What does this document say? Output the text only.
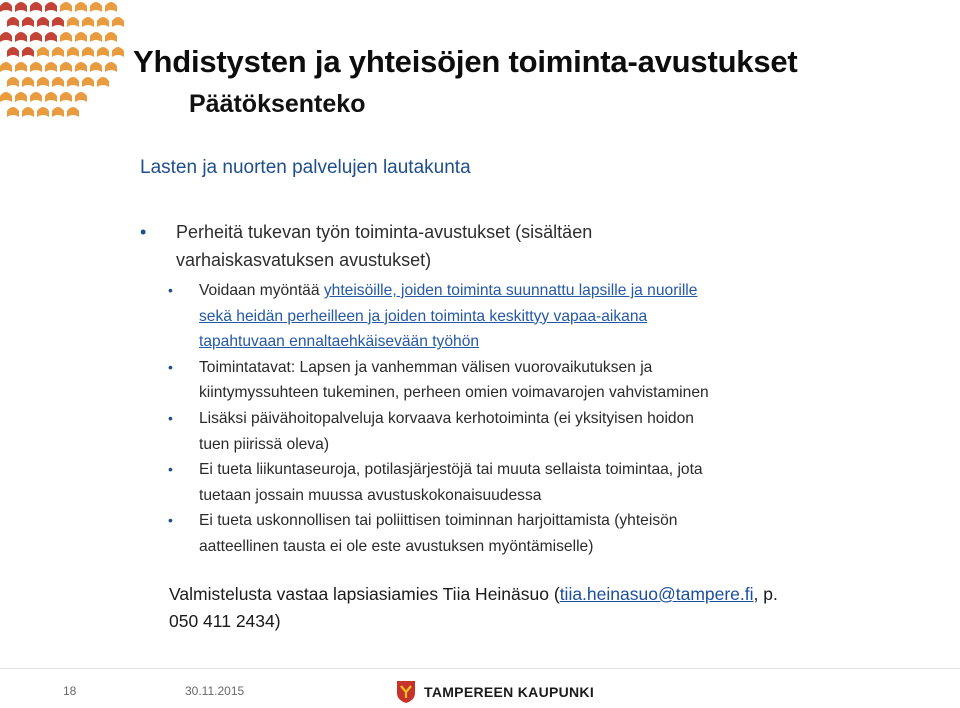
Yhdistysten ja yhteisöjen toiminta-avustukset
Päätöksenteko
Lasten ja nuorten palvelujen lautakunta
• Perheitä tukevan työn toiminta-avustukset (sisältäen
varhaiskasvatuksen avustukset)
• Voidaan myöntää yhteisöille, joiden toiminta suunnattu lapsille ja nuorille
sekä heidän perheilleen ja joiden toiminta keskittyy vapaa-aikana
tapahtuvaan ennaltaehkäisevään työhön
• Toimintatavat: Lapsen ja vanhemman välisen vuorovaikutuksen ja
kiintymyssuhteen tukeminen, perheen omien voimavarojen vahvistaminen
• Lisäksi päivähoitopalveluja korvaava kerhotoiminta (ei yksityisen hoidon
tuen piirissä oleva)
• Ei tueta liikuntaseuroja, potilasjärjestöjä tai muuta sellaista toimintaa, jota
tuetaan jossain muussa avustuskokonaisuudessa
• Ei tueta uskonnollisen tai poliittisen toiminnan harjoittamista (yhteisön
aatteellinen tausta ei ole este avustuksen myöntämiselle)
Valmistelusta vastaa lapsiasiamies Tiia Heinäsuo (tiia.heinasuo@tampere.fi, p.
050 411 2434)
18	30.11.2015	TAMPEREEN KAUPUNKI
